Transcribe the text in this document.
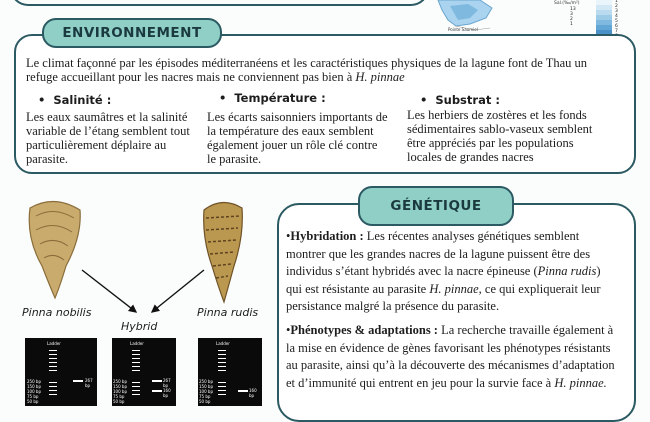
Pointe Saumiel
Sal.(‰/m²)
13
3
2
1
1
2
3
4
5
6
7
ENVIRONNEMENT
Le climat façonné par les épisodes méditerranéens et les caractéristiques physiques de la lagune font de Thau un
refuge accueillant pour les nacres mais ne conviennent pas bien à H. pinnae
•  Salinité :
Les eaux saumâtres et la salinité variable de l’étang semblent tout particulièrement déplaire au parasite.
•  Température :
Les écarts saisonniers importants de la température des eaux semblent également jouer un rôle clé contre le parasite.
•  Substrat :
Les herbiers de zostères et les fonds sédimentaires sablo-vaseux semblent être appréciés par les populations locales de grandes nacres
Pinna nobilis	Pinna rudis
Hybrid
Ladder
250 bp
150 bp
100 bp
75 bp
50 bp
267 bp
Ladder
250 bp
150 bp
100 bp
75 bp
50 bp
267 bp
160 bp
Ladder
250 bp
150 bp
100 bp
75 bp
50 bp
160 bp
GÉNÉTIQUE
•Hybridation : Les récentes analyses génétiques semblent montrer que les grandes nacres de la lagune puissent être des individus s’étant hybridés avec la nacre épineuse (Pinna rudis) qui est résistante au parasite H. pinnae, ce qui expliquerait leur persistance malgré la présence du parasite.
•Phénotypes & adaptations : La recherche travaille également à la mise en évidence de gènes favorisant les phénotypes résistants au parasite, ainsi qu’à la découverte des mécanismes d’adaptation et d’immunité qui entrent en jeu pour la survie face à H. pinnae.
